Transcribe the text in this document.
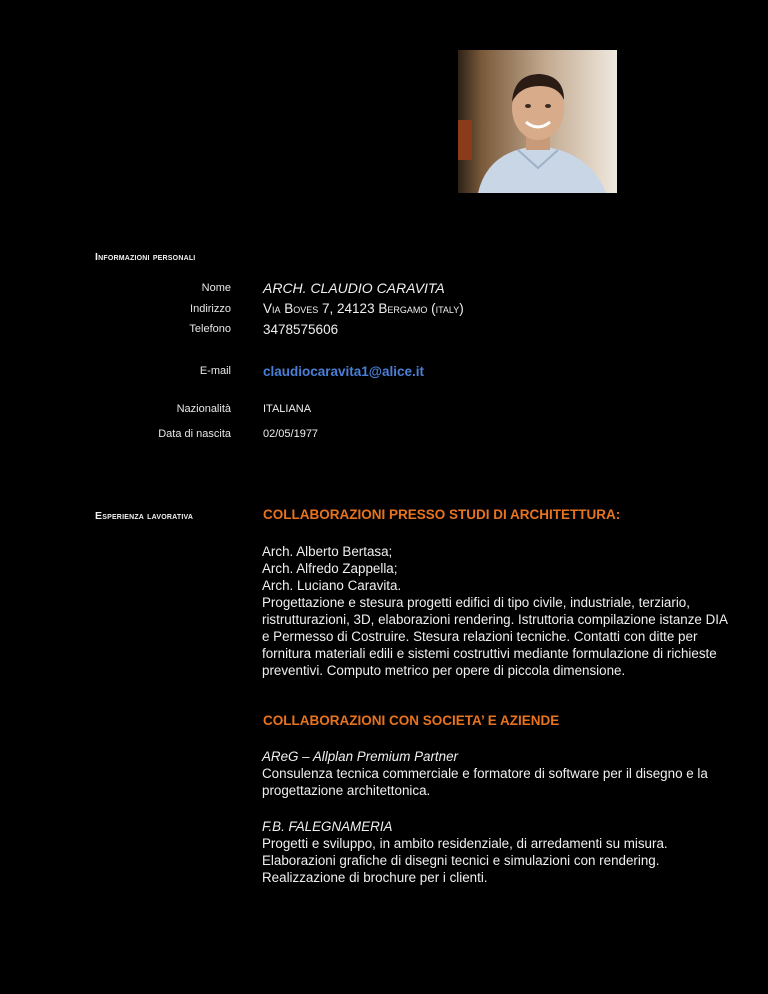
Informazioni personali
Nome ARCH. CLAUDIO CARAVITA
Indirizzo Via Boves 7, 24123 Bergamo (italy)
Telefono 3478575606
E-mail claudiocaravita1@alice.it
Nazionalità	ITALIANA
Data di nascita	02/05/1977
Esperienza lavorativa	COLLABORAZIONI PRESSO STUDI DI ARCHITETTURA:
Arch. Alberto Bertasa;
Arch. Alfredo Zappella;
Arch. Luciano Caravita.
Progettazione e stesura progetti edifici di tipo civile, industriale, terziario,
ristrutturazioni, 3D, elaborazioni rendering. Istruttoria compilazione istanze DIA
e Permesso di Costruire. Stesura relazioni tecniche. Contatti con ditte per
fornitura materiali edili e sistemi costruttivi mediante formulazione di richieste
preventivi. Computo metrico per opere di piccola dimensione.
COLLABORAZIONI CON SOCIETA’ E AZIENDE
AReG – Allplan Premium Partner
Consulenza tecnica commerciale e formatore di software per il disegno e la
progettazione architettonica.
F.B. FALEGNAMERIA
Progetti e sviluppo, in ambito residenziale, di arredamenti su misura.
Elaborazioni grafiche di disegni tecnici e simulazioni con rendering.
Realizzazione di brochure per i clienti.
